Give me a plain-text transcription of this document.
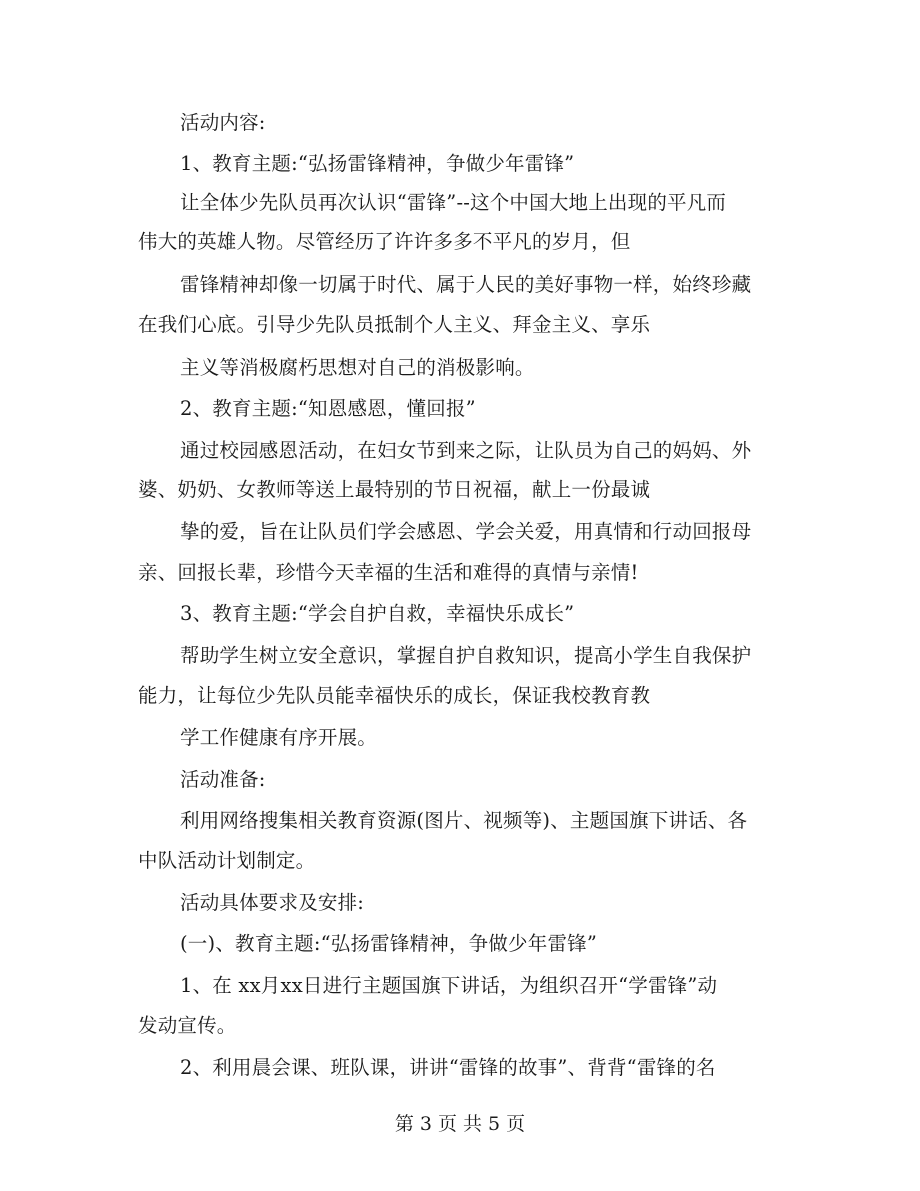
活动内容:
1、教育主题:“弘扬雷锋精神，争做少年雷锋”
让全体少先队员再次认识“雷锋”--这个中国大地上出现的平凡而
伟大的英雄人物。尽管经历了许许多多不平凡的岁月，但
雷锋精神却像一切属于时代、属于人民的美好事物一样，始终珍藏
在我们心底。引导少先队员抵制个人主义、拜金主义、享乐
主义等消极腐朽思想对自己的消极影响。
2、教育主题:“知恩感恩，懂回报”
通过校园感恩活动，在妇女节到来之际，让队员为自己的妈妈、外
婆、奶奶、女教师等送上最特别的节日祝福，献上一份最诚
挚的爱，旨在让队员们学会感恩、学会关爱，用真情和行动回报母
亲、回报长辈，珍惜今天幸福的生活和难得的真情与亲情!
3、教育主题:“学会自护自救，幸福快乐成长”
帮助学生树立安全意识，掌握自护自救知识，提高小学生自我保护
能力，让每位少先队员能幸福快乐的成长，保证我校教育教
学工作健康有序开展。
活动准备:
利用网络搜集相关教育资源(图片、视频等)、主题国旗下讲话、各
中队活动计划制定。
活动具体要求及安排:
(一)、教育主题:“弘扬雷锋精神，争做少年雷锋”
1、在 xx月xx日进行主题国旗下讲话，为组织召开“学雷锋”动
发动宣传。
2、利用晨会课、班队课，讲讲“雷锋的故事”、背背“雷锋的名
第 3 页 共 5 页
